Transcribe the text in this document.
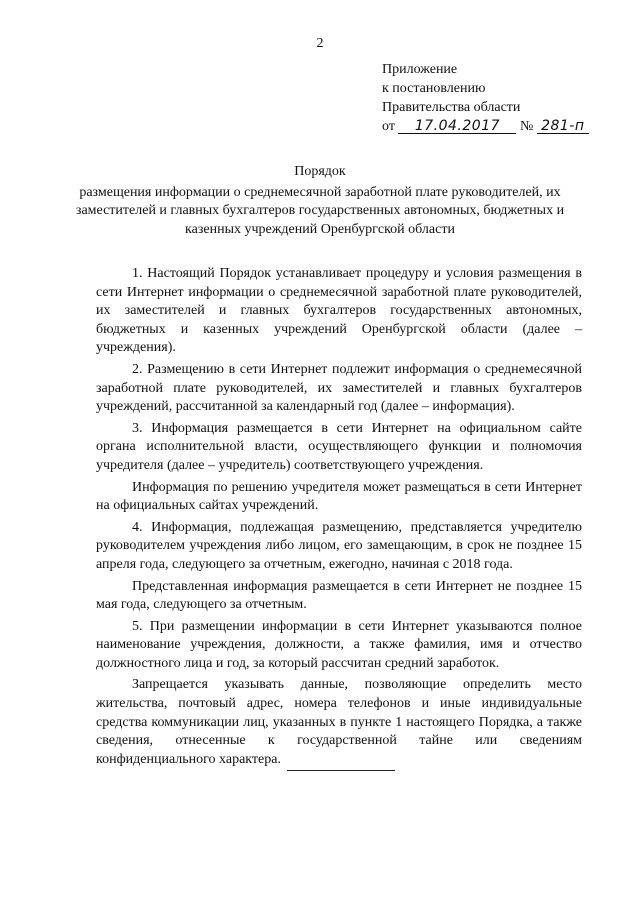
2
Приложение
к постановлению
Правительства области
от 17.04.2017 № 281-п
Порядок
размещения информации о среднемесячной заработной плате руководителей, их заместителей и главных бухгалтеров государственных автономных, бюджетных и казенных учреждений Оренбургской области

1. Настоящий Порядок устанавливает процедуру и условия размещения в сети Интернет информации о среднемесячной заработной плате руководителей, их заместителей и главных бухгалтеров государственных автономных, бюджетных и казенных учреждений Оренбургской области (далее – учреждения).

2. Размещению в сети Интернет подлежит информация о среднемесячной заработной плате руководителей, их заместителей и главных бухгалтеров учреждений, рассчитанной за календарный год (далее – информация).

3. Информация размещается в сети Интернет на официальном сайте органа исполнительной власти, осуществляющего функции и полномочия учредителя (далее – учредитель) соответствующего учреждения.

Информация по решению учредителя может размещаться в сети Интернет на официальных сайтах учреждений.

4. Информация, подлежащая размещению, представляется учредителю руководителем учреждения либо лицом, его замещающим, в срок не позднее 15 апреля года, следующего за отчетным, ежегодно, начиная с 2018 года.

Представленная информация размещается в сети Интернет не позднее 15 мая года, следующего за отчетным.

5. При размещении информации в сети Интернет указываются полное наименование учреждения, должности, а также фамилия, имя и отчество должностного лица и год, за который рассчитан средний заработок.

Запрещается указывать данные, позволяющие определить место жительства, почтовый адрес, номера телефонов и иные индивидуальные средства коммуникации лиц, указанных в пункте 1 настоящего Порядка, а также сведения, отнесенные к государственной тайне или сведениям конфиденциального характера.
